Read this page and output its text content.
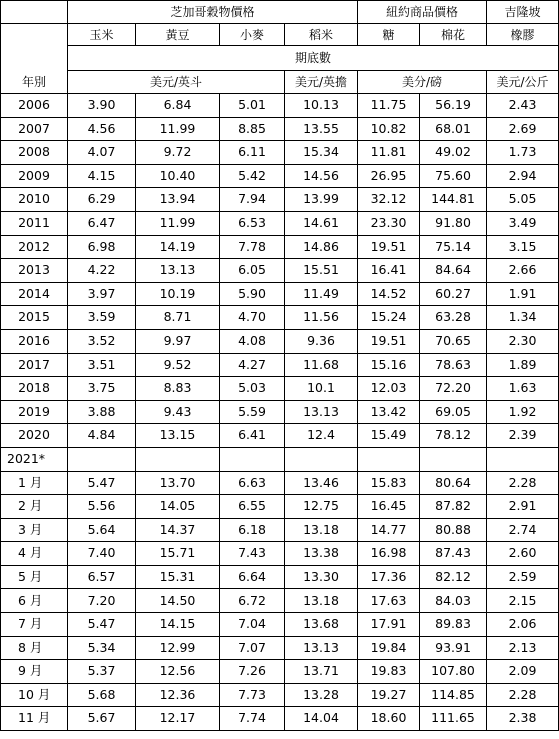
	芝加哥穀物價格				紐約商品價格		吉隆坡
	玉米	黃豆	小麥	稻米	糖	棉花	橡膠
	期底數						
年別	美元/英斗			美元/英擔	美分/磅		美元/公斤
2006	3.90	6.84	5.01	10.13	11.75	56.19	2.43
2007	4.56	11.99	8.85	13.55	10.82	68.01	2.69
2008	4.07	9.72	6.11	15.34	11.81	49.02	1.73
2009	4.15	10.40	5.42	14.56	26.95	75.60	2.94
2010	6.29	13.94	7.94	13.99	32.12	144.81	5.05
2011	6.47	11.99	6.53	14.61	23.30	91.80	3.49
2012	6.98	14.19	7.78	14.86	19.51	75.14	3.15
2013	4.22	13.13	6.05	15.51	16.41	84.64	2.66
2014	3.97	10.19	5.90	11.49	14.52	60.27	1.91
2015	3.59	8.71	4.70	11.56	15.24	63.28	1.34
2016	3.52	9.97	4.08	9.36	19.51	70.65	2.30
2017	3.51	9.52	4.27	11.68	15.16	78.63	1.89
2018	3.75	8.83	5.03	10.1	12.03	72.20	1.63
2019	3.88	9.43	5.59	13.13	13.42	69.05	1.92
2020	4.84	13.15	6.41	12.4	15.49	78.12	2.39
2021*							
1 月	5.47	13.70	6.63	13.46	15.83	80.64	2.28
2 月	5.56	14.05	6.55	12.75	16.45	87.82	2.91
3 月	5.64	14.37	6.18	13.18	14.77	80.88	2.74
4 月	7.40	15.71	7.43	13.38	16.98	87.43	2.60
5 月	6.57	15.31	6.64	13.30	17.36	82.12	2.59
6 月	7.20	14.50	6.72	13.18	17.63	84.03	2.15
7 月	5.47	14.15	7.04	13.68	17.91	89.83	2.06
8 月	5.34	12.99	7.07	13.13	19.84	93.91	2.13
9 月	5.37	12.56	7.26	13.71	19.83	107.80	2.09
10 月	5.68	12.36	7.73	13.28	19.27	114.85	2.28
11 月	5.67	12.17	7.74	14.04	18.60	111.65	2.38
